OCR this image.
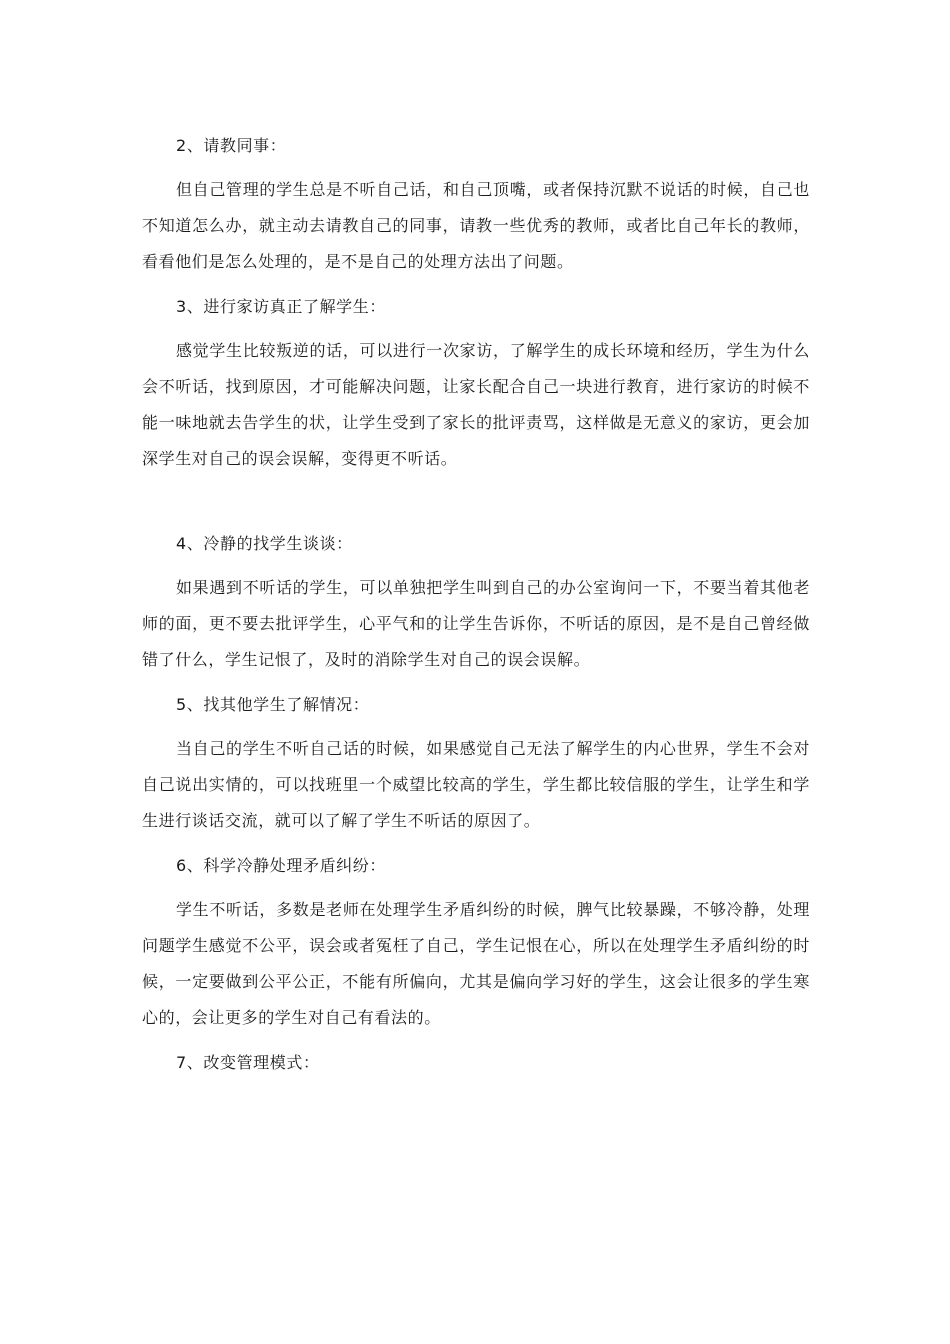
2、请教同事：

但自己管理的学生总是不听自己话，和自己顶嘴，或者保持沉默不说话的时候，自己也不知道怎么办，就主动去请教自己的同事，请教一些优秀的教师，或者比自己年长的教师，看看他们是怎么处理的，是不是自己的处理方法出了问题。

3、进行家访真正了解学生：

感觉学生比较叛逆的话，可以进行一次家访，了解学生的成长环境和经历，学生为什么会不听话，找到原因，才可能解决问题，让家长配合自己一块进行教育，进行家访的时候不能一味地就去告学生的状，让学生受到了家长的批评责骂，这样做是无意义的家访，更会加深学生对自己的误会误解，变得更不听话。

4、冷静的找学生谈谈：

如果遇到不听话的学生，可以单独把学生叫到自己的办公室询问一下，不要当着其他老师的面，更不要去批评学生，心平气和的让学生告诉你，不听话的原因，是不是自己曾经做错了什么，学生记恨了，及时的消除学生对自己的误会误解。

5、找其他学生了解情况：

当自己的学生不听自己话的时候，如果感觉自己无法了解学生的内心世界，学生不会对自己说出实情的，可以找班里一个威望比较高的学生，学生都比较信服的学生，让学生和学生进行谈话交流，就可以了解了学生不听话的原因了。

6、科学冷静处理矛盾纠纷：

学生不听话，多数是老师在处理学生矛盾纠纷的时候，脾气比较暴躁，不够冷静，处理问题学生感觉不公平，误会或者冤枉了自己，学生记恨在心，所以在处理学生矛盾纠纷的时候，一定要做到公平公正，不能有所偏向，尤其是偏向学习好的学生，这会让很多的学生寒心的，会让更多的学生对自己有看法的。

7、改变管理模式：
